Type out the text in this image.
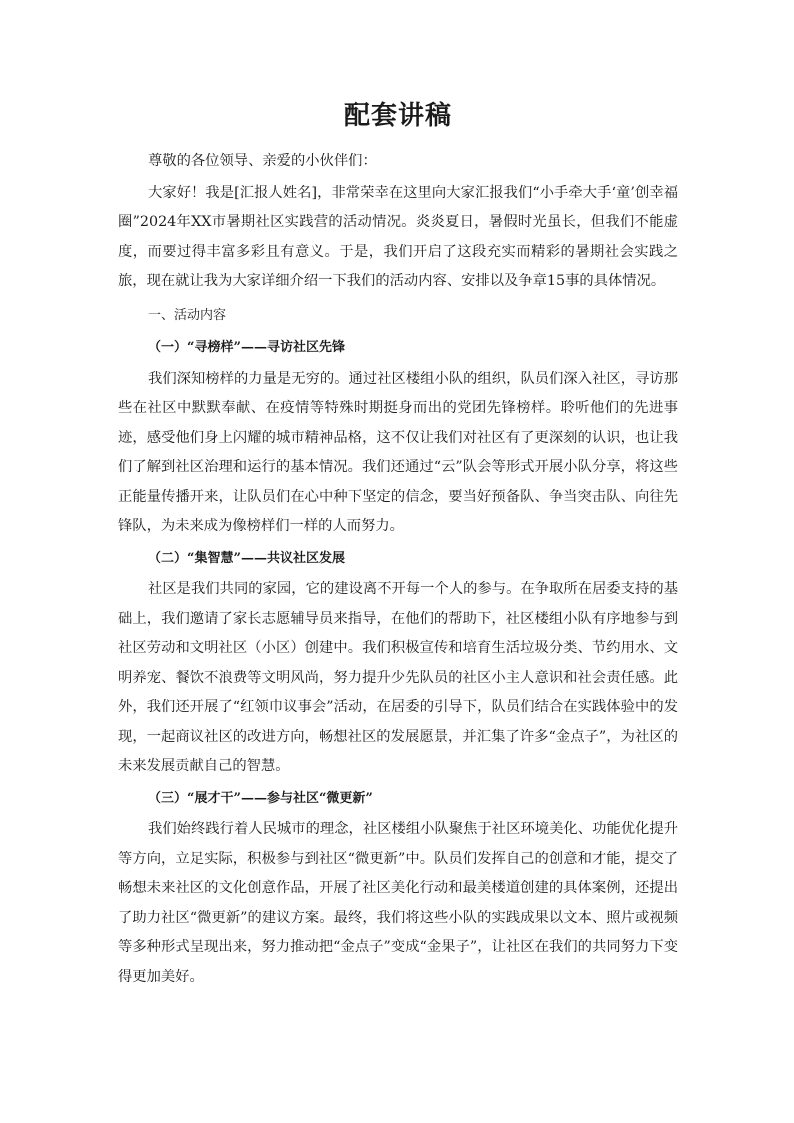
配套讲稿

尊敬的各位领导、亲爱的小伙伴们：

大家好！我是[汇报人姓名]，非常荣幸在这里向大家汇报我们“小手牵大手‘童’创幸福圈”2024年XX市暑期社区实践营的活动情况。炎炎夏日，暑假时光虽长，但我们不能虚度，而要过得丰富多彩且有意义。于是，我们开启了这段充实而精彩的暑期社会实践之旅，现在就让我为大家详细介绍一下我们的活动内容、安排以及争章15事的具体情况。

一、活动内容

（一）“寻榜样”——寻访社区先锋

我们深知榜样的力量是无穷的。通过社区楼组小队的组织，队员们深入社区，寻访那些在社区中默默奉献、在疫情等特殊时期挺身而出的党团先锋榜样。聆听他们的先进事迹，感受他们身上闪耀的城市精神品格，这不仅让我们对社区有了更深刻的认识，也让我们了解到社区治理和运行的基本情况。我们还通过“云”队会等形式开展小队分享，将这些正能量传播开来，让队员们在心中种下坚定的信念，要当好预备队、争当突击队、向往先锋队，为未来成为像榜样们一样的人而努力。

（二）“集智慧”——共议社区发展

社区是我们共同的家园，它的建设离不开每一个人的参与。在争取所在居委支持的基础上，我们邀请了家长志愿辅导员来指导，在他们的帮助下，社区楼组小队有序地参与到社区劳动和文明社区（小区）创建中。我们积极宣传和培育生活垃圾分类、节约用水、文明养宠、餐饮不浪费等文明风尚，努力提升少先队员的社区小主人意识和社会责任感。此外，我们还开展了“红领巾议事会”活动，在居委的引导下，队员们结合在实践体验中的发现，一起商议社区的改进方向，畅想社区的发展愿景，并汇集了许多“金点子”，为社区的未来发展贡献自己的智慧。

（三）“展才干”——参与社区“微更新”

我们始终践行着人民城市的理念，社区楼组小队聚焦于社区环境美化、功能优化提升等方向，立足实际，积极参与到社区“微更新”中。队员们发挥自己的创意和才能，提交了畅想未来社区的文化创意作品，开展了社区美化行动和最美楼道创建的具体案例，还提出了助力社区“微更新”的建议方案。最终，我们将这些小队的实践成果以文本、照片或视频等多种形式呈现出来，努力推动把“金点子”变成“金果子”，让社区在我们的共同努力下变得更加美好。
